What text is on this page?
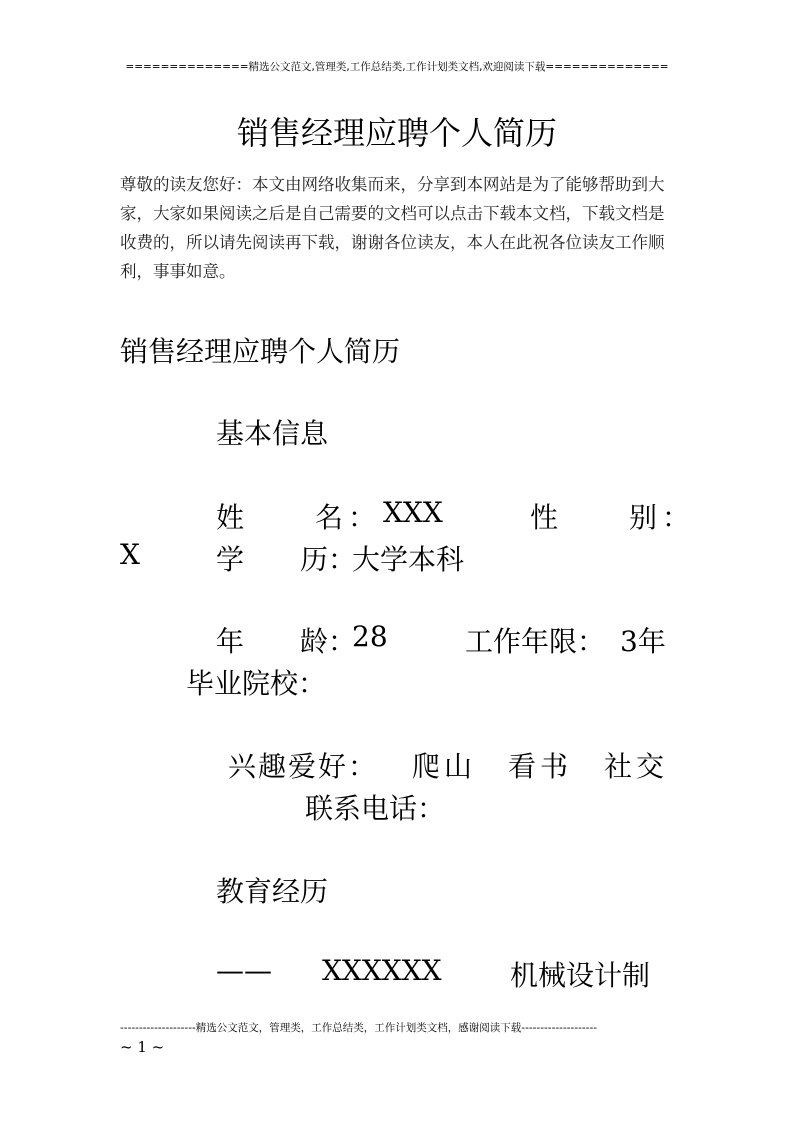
==============精选公文范文,管理类,工作总结类,工作计划类文档,欢迎阅读下载==============
销售经理应聘个人简历
尊敬的读友您好：本文由网络收集而来，分享到本网站是为了能够帮助到大
家，大家如果阅读之后是自己需要的文档可以点击下载本文档，下载文档是
收费的，所以请先阅读再下载，谢谢各位读友，本人在此祝各位读友工作顺
利，事事如意。
销售经理应聘个人简历
基本信息
姓　　名： XXX	性　　别：
X	学　　历：
大学本科
年　　龄：
28	工作年限： 3年
毕业院校：
兴趣爱好： 爬山 看书 社交
联系电话：
教育经历
—— XXXXXX 机械设计制
--------------------精选公文范文，管理类，工作总结类，工作计划类文档，感谢阅读下载--------------------
~ 1 ~
